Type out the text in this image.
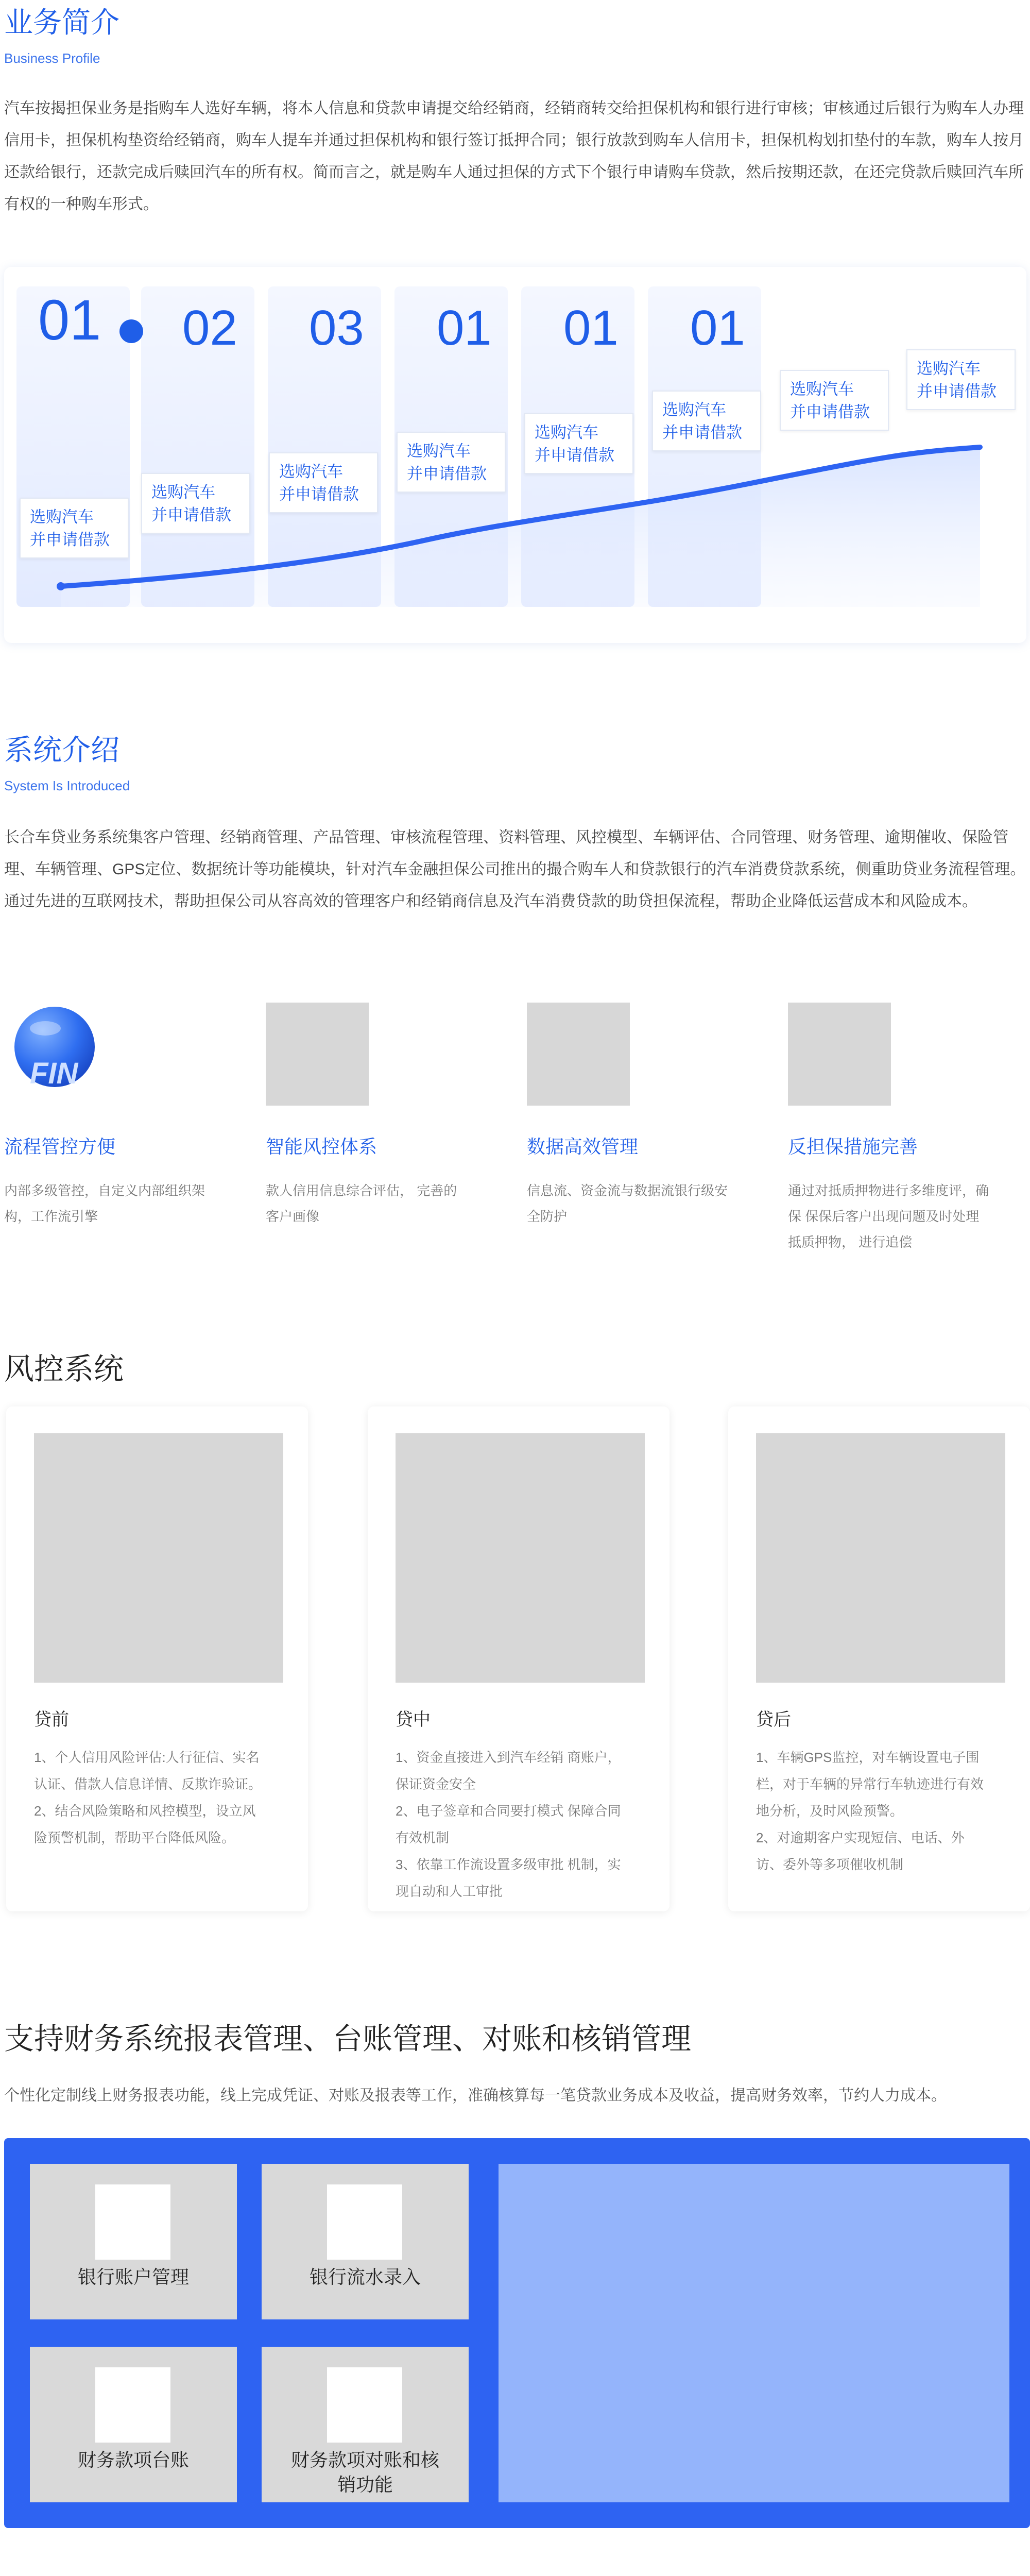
业务简介
Business Profile
汽车按揭担保业务是指购车人选好车辆，将本人信息和贷款申请提交给经销商，经销商转交给担保机构和银行进行审核；审核通过后银行为购车人办理信用卡，担保机构垫资给经销商，购车人提车并通过担保机构和银行签订抵押合同；银行放款到购车人信用卡，担保机构划扣垫付的车款，购车人按月还款给银行，还款完成后赎回汽车的所有权。简而言之，就是购车人通过担保的方式下个银行申请购车贷款，然后按期还款，在还完贷款后赎回汽车所有权的一种购车形式。
01 02 03 01 01 01
选购汽车
并申请借款
选购汽车
并申请借款
选购汽车
并申请借款
选购汽车
并申请借款
选购汽车
并申请借款
选购汽车
并申请借款
选购汽车
并申请借款
选购汽车
并申请借款
系统介绍
System Is Introduced
长合车贷业务系统集客户管理、经销商管理、产品管理、审核流程管理、资料管理、风控模型、车辆评估、合同管理、财务管理、逾期催收、保险管理、车辆管理、GPS定位、数据统计等功能模块，针对汽车金融担保公司推出的撮合购车人和贷款银行的汽车消费贷款系统，侧重助贷业务流程管理。通过先进的互联网技术，帮助担保公司从容高效的管理客户和经销商信息及汽车消费贷款的助贷担保流程，帮助企业降低运营成本和风险成本。
FIN
流程管控方便	智能风控体系	数据高效管理	反担保措施完善
内部多级管控，自定义内部组织架
构，工作流引擎
款人信用信息综合评估， 完善的
客户画像
信息流、资金流与数据流银行级安
全防护
通过对抵质押物进行多维度评，确
保 保保后客户出现问题及时处理
抵质押物， 进行追偿
风控系统
贷前
1、个人信用风险评估:人行征信、实名
认证、借款人信息详情、反欺诈验证。
2、结合风险策略和风控模型，设立风
险预警机制，帮助平台降低风险。
贷中
1、资金直接进入到汽车经销 商账户，
保证资金安全
2、电子签章和合同要打模式 保障合同
有效机制
3、依靠工作流设置多级审批 机制，实
现自动和人工审批
贷后
1、车辆GPS监控，对车辆设置电子围
栏，对于车辆的异常行车轨迹进行有效
地分析，及时风险预警。
2、对逾期客户实现短信、电话、外
访、委外等多项催收机制
支持财务系统报表管理、台账管理、对账和核销管理
个性化定制线上财务报表功能，线上完成凭证、对账及报表等工作，准确核算每一笔贷款业务成本及收益，提高财务效率，节约人力成本。
银行账户管理	银行流水录入
财务款项台账	财务款项对账和核
销功能
